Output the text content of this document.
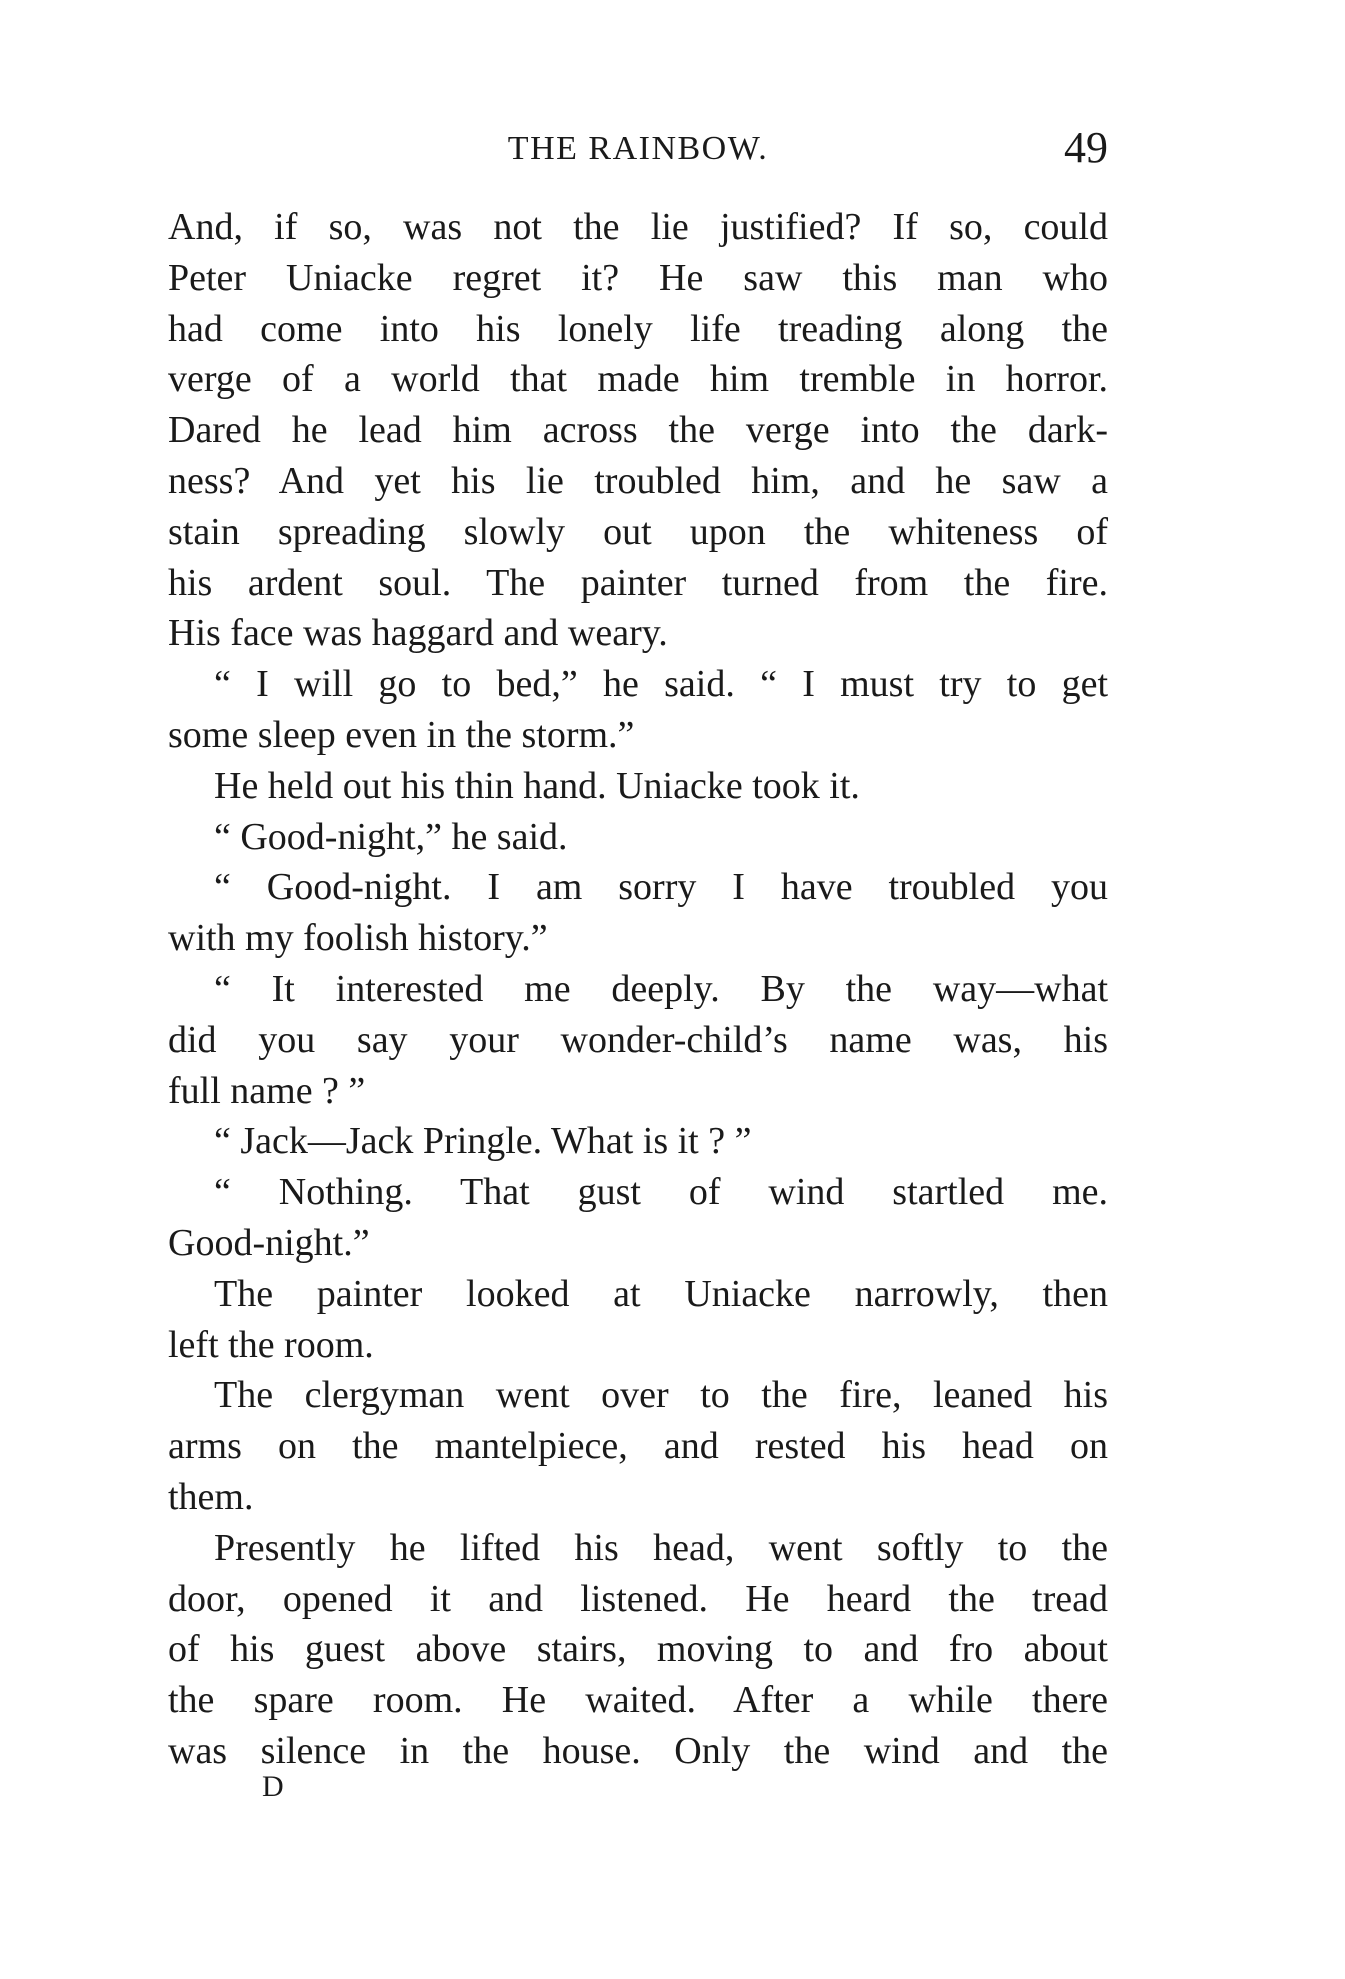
THE RAINBOW.	49
And, if so, was not the lie justified? If so, could
Peter Uniacke regret it? He saw this man who
had come into his lonely life treading along the
verge of a world that made him tremble in horror.
Dared he lead him across the verge into the dark-
ness? And yet his lie troubled him, and he saw a
stain spreading slowly out upon the whiteness of
his ardent soul. The painter turned from the fire.
His face was haggard and weary.
“ I will go to bed,” he said. “ I must try to get
some sleep even in the storm.”
He held out his thin hand. Uniacke took it.
“ Good-night,” he said.
“ Good-night. I am sorry I have troubled you
with my foolish history.”
“ It interested me deeply. By the way—what
did you say your wonder-child’s name was, his
full name ? ”
“ Jack—Jack Pringle. What is it ? ”
“ Nothing. That gust of wind startled me.
Good-night.”
The painter looked at Uniacke narrowly, then
left the room.
The clergyman went over to the fire, leaned his
arms on the mantelpiece, and rested his head on
them.
Presently he lifted his head, went softly to the
door, opened it and listened. He heard the tread
of his guest above stairs, moving to and fro about
the spare room. He waited. After a while there
was silence in the house. Only the wind and the
D
